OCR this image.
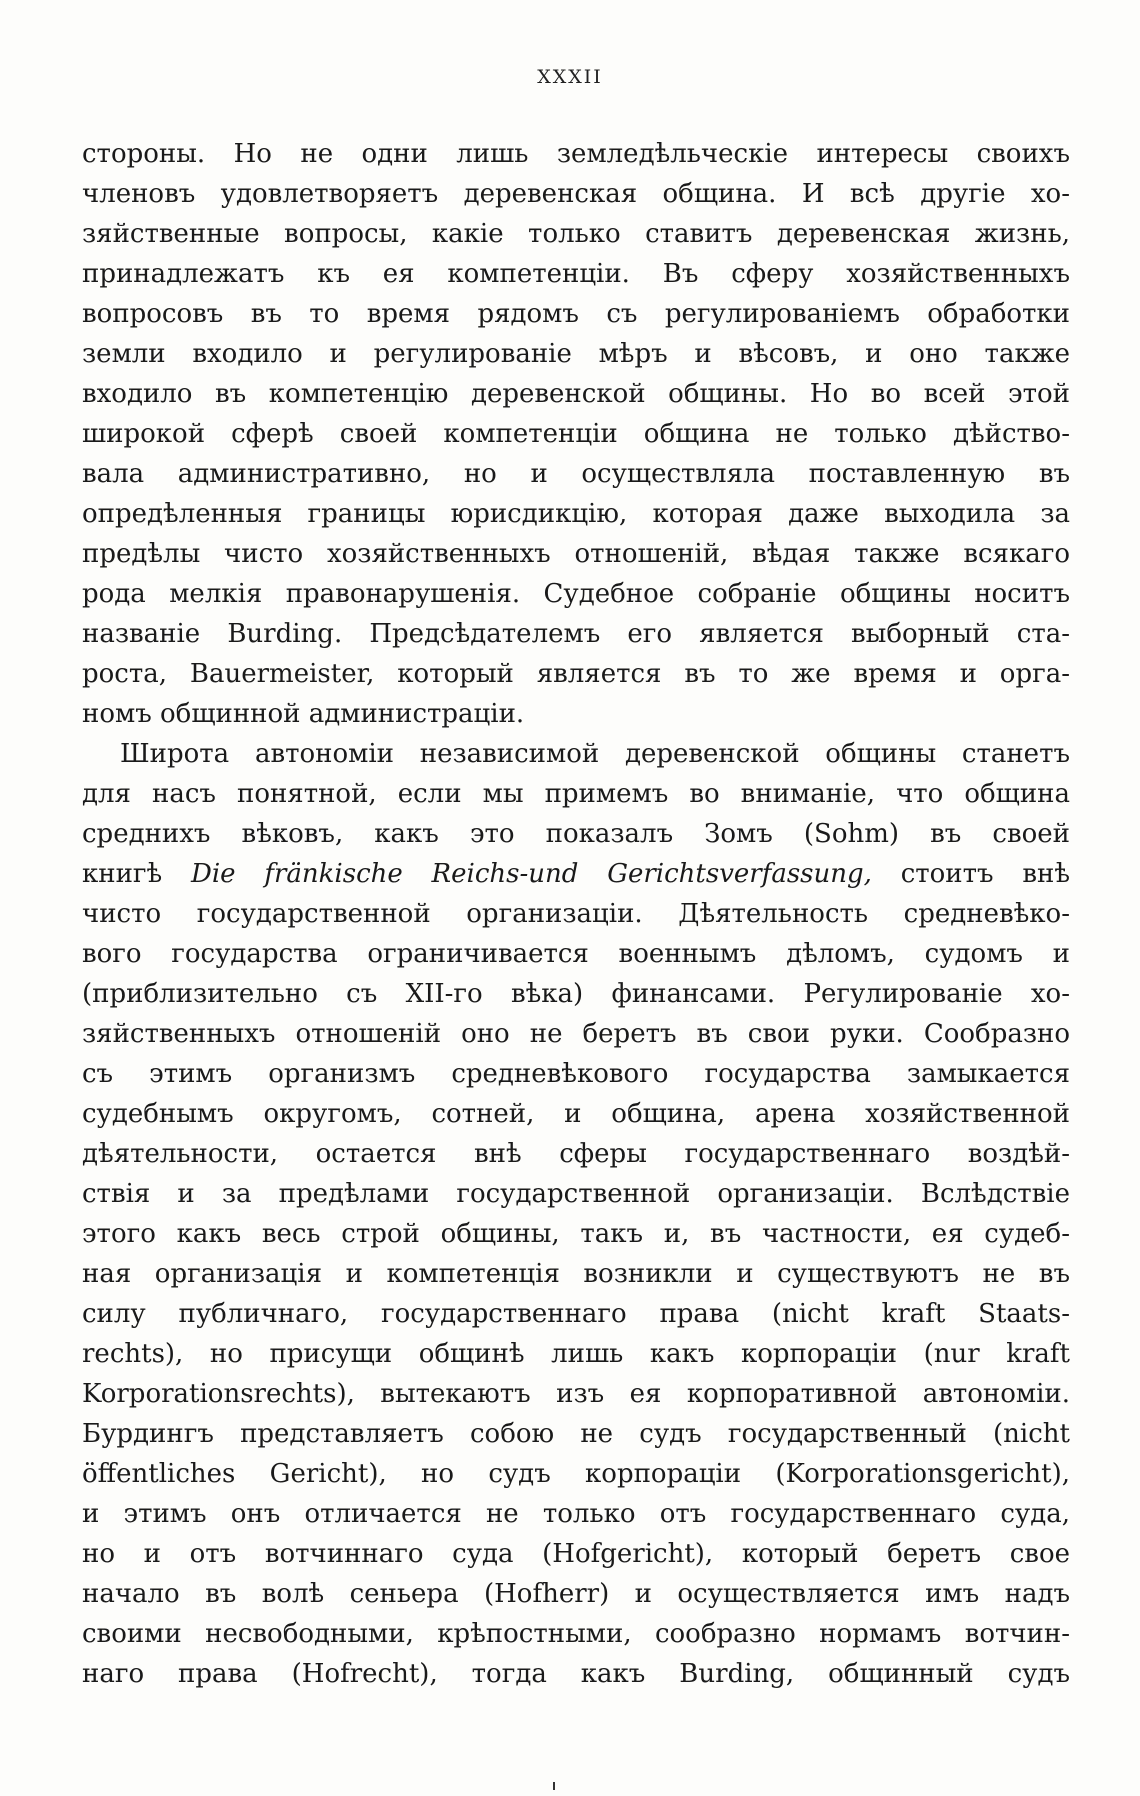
XXXII
стороны. Но не одни лишь земледѣльческіе интересы своихъ
членовъ удовлетворяетъ деревенская община. И всѣ другіе хо-
зяйственные вопросы, какіе только ставитъ деревенская жизнь,
принадлежатъ къ ея компетенціи. Въ сферу хозяйственныхъ
вопросовъ въ то время рядомъ съ регулированіемъ обработки
земли входило и регулированіе мѣръ и вѣсовъ, и оно также
входило въ компетенцію деревенской общины. Но во всей этой
широкой сферѣ своей компетенціи община не только дѣйство-
вала административно, но и осуществляла поставленную въ
опредѣленныя границы юрисдикцію, которая даже выходила за
предѣлы чисто хозяйственныхъ отношеній, вѣдая также всякаго
рода мелкія правонарушенія. Судебное собраніе общины носитъ
названіе Burding. Предсѣдателемъ его является выборный ста-
роста, Bauermeister, который является въ то же время и орга-
номъ общинной администраціи.
Широта автономіи независимой деревенской общины станетъ
для насъ понятной, если мы примемъ во вниманіе, что община
среднихъ вѣковъ, какъ это показалъ Зомъ (Sohm) въ своей
книгѣ Die fränkische Reichs-und Gerichtsverfassung, стоитъ внѣ
чисто государственной организаціи. Дѣятельность средневѣко-
вого государства ограничивается военнымъ дѣломъ, судомъ и
(приблизительно съ XII-го вѣка) финансами. Регулированіе хо-
зяйственныхъ отношеній оно не беретъ въ свои руки. Сообразно
съ этимъ организмъ средневѣкового государства замыкается
судебнымъ округомъ, сотней, и община, арена хозяйственной
дѣятельности, остается внѣ сферы государственнаго воздѣй-
ствія и за предѣлами государственной организаціи. Вслѣдствіе
этого какъ весь строй общины, такъ и, въ частности, ея судеб-
ная организація и компетенція возникли и существуютъ не въ
силу публичнаго, государственнаго права (nicht kraft Staats-
rechts), но присущи общинѣ лишь какъ корпораціи (nur kraft
Korporationsrechts), вытекаютъ изъ ея корпоративной автономіи.
Бурдингъ представляетъ собою не судъ государственный (nicht
öffentliches Gericht), но судъ корпораціи (Korporationsgericht),
и этимъ онъ отличается не только отъ государственнаго суда,
но и отъ вотчиннаго суда (Hofgericht), который беретъ свое
начало въ волѣ сеньера (Hofherr) и осуществляется имъ надъ
своими несвободными, крѣпостными, сообразно нормамъ вотчин-
наго права (Hofrecht), тогда какъ Burding, общинный судъ
